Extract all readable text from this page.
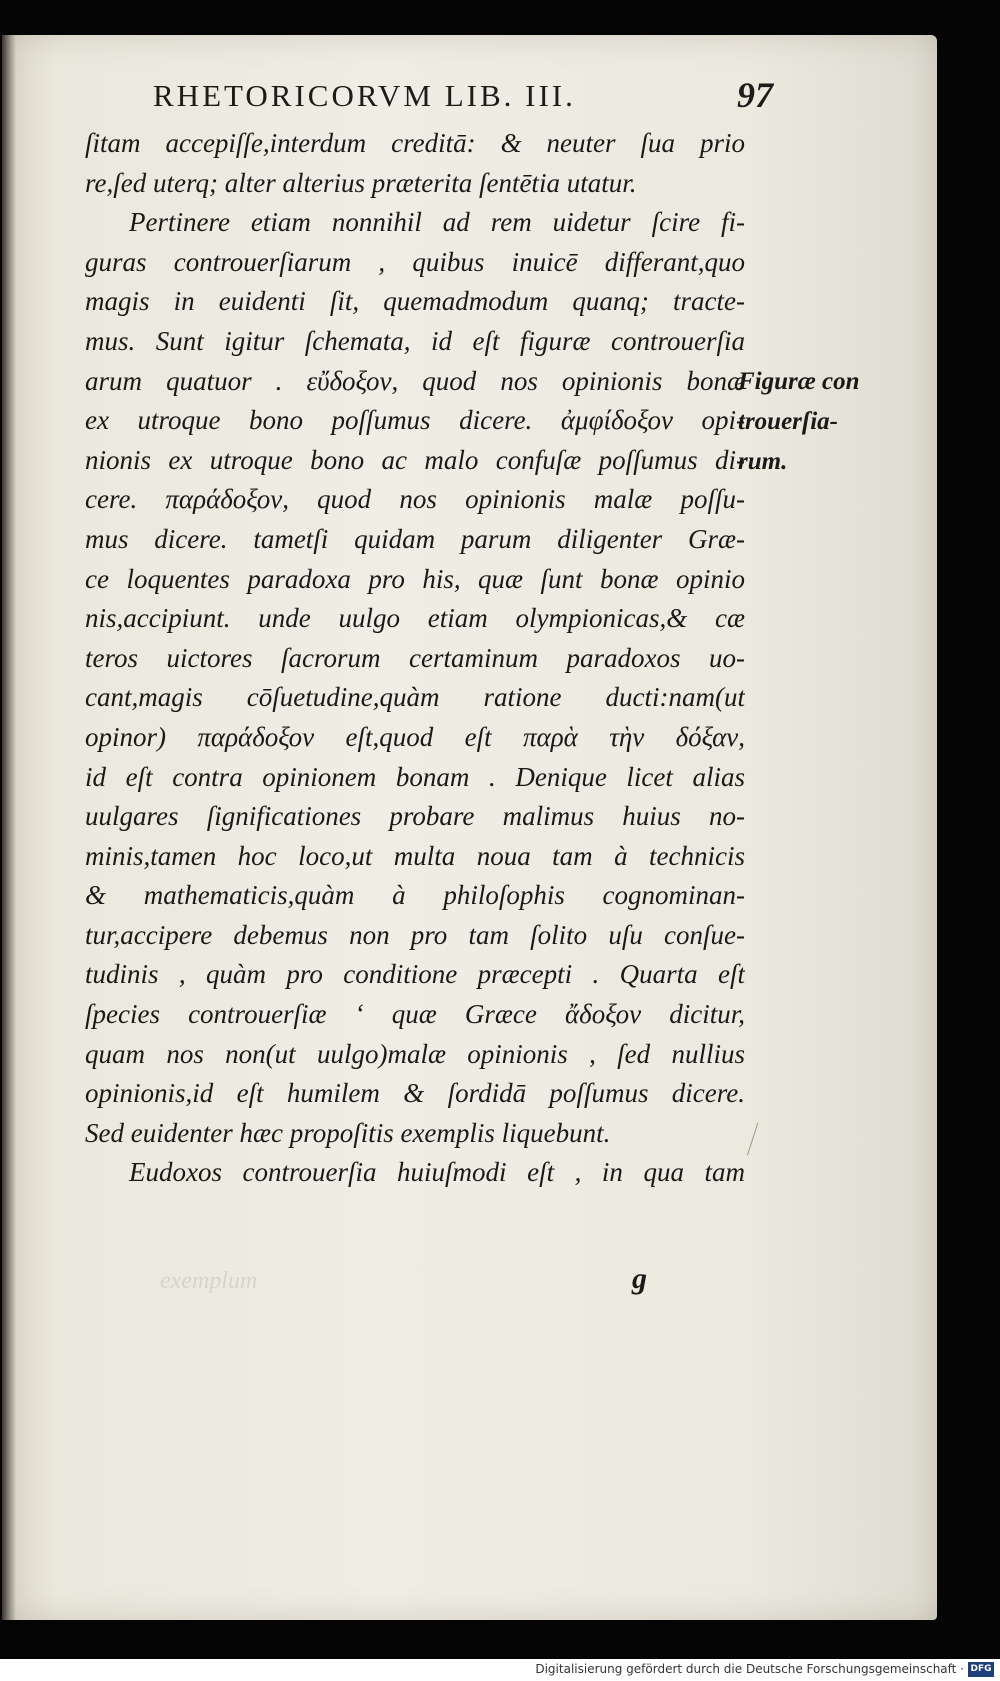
RHETORICORVM LIB. III.	97
ſitam accepiſſe,interdum creditā: & neuter ſua prio
re,ſed uterq; alter alterius præterita ſentētia utatur.
Pertinere etiam nonnihil ad rem uidetur ſcire fi-
guras controuerſiarum , quibus inuicē differant,quo
magis in euidenti ſit, quemadmodum quanq; tracte-
mus. Sunt igitur ſchemata, id eſt figuræ controuerſia
arum quatuor . εὔδοξον, quod nos opinionis bonæ
ex utroque bono poſſumus dicere. ἀμφίδοξον opi-
nionis ex utroque bono ac malo confuſæ poſſumus di-
cere. παράδοξον, quod nos opinionis malæ poſſu-
mus dicere. tametſi quidam parum diligenter Græ-
ce loquentes paradoxa pro his, quæ ſunt bonæ opinio
nis,accipiunt. unde uulgo etiam olympionicas,& cæ
teros uictores ſacrorum certaminum paradoxos uo-
cant,magis cōſuetudine,quàm ratione ducti:nam(ut
opinor) παράδοξον eſt,quod eſt παρὰ τὴν δόξαν,
id eſt contra opinionem bonam . Denique licet alias
uulgares ſignificationes probare malimus huius no-
minis,tamen hoc loco,ut multa noua tam à technicis
& mathematicis,quàm à philoſophis cognominan-
tur,accipere debemus non pro tam ſolito uſu conſue-
tudinis , quàm pro conditione præcepti . Quarta eſt
ſpecies controuerſiæ ‘ quæ Græce ἄδοξον dicitur,
quam nos non(ut uulgo)malæ opinionis , ſed nullius
opinionis,id eſt humilem & ſordidā poſſumus dicere.
Sed euidenter hæc propoſitis exemplis liquebunt.
Eudoxos controuerſia huiuſmodi eſt , in qua tam
Figuræ con
trouerſia-
rum.
exemplum	g
Digitalisierung gefördert durch die Deutsche Forschungsgemeinschaft · DFG
